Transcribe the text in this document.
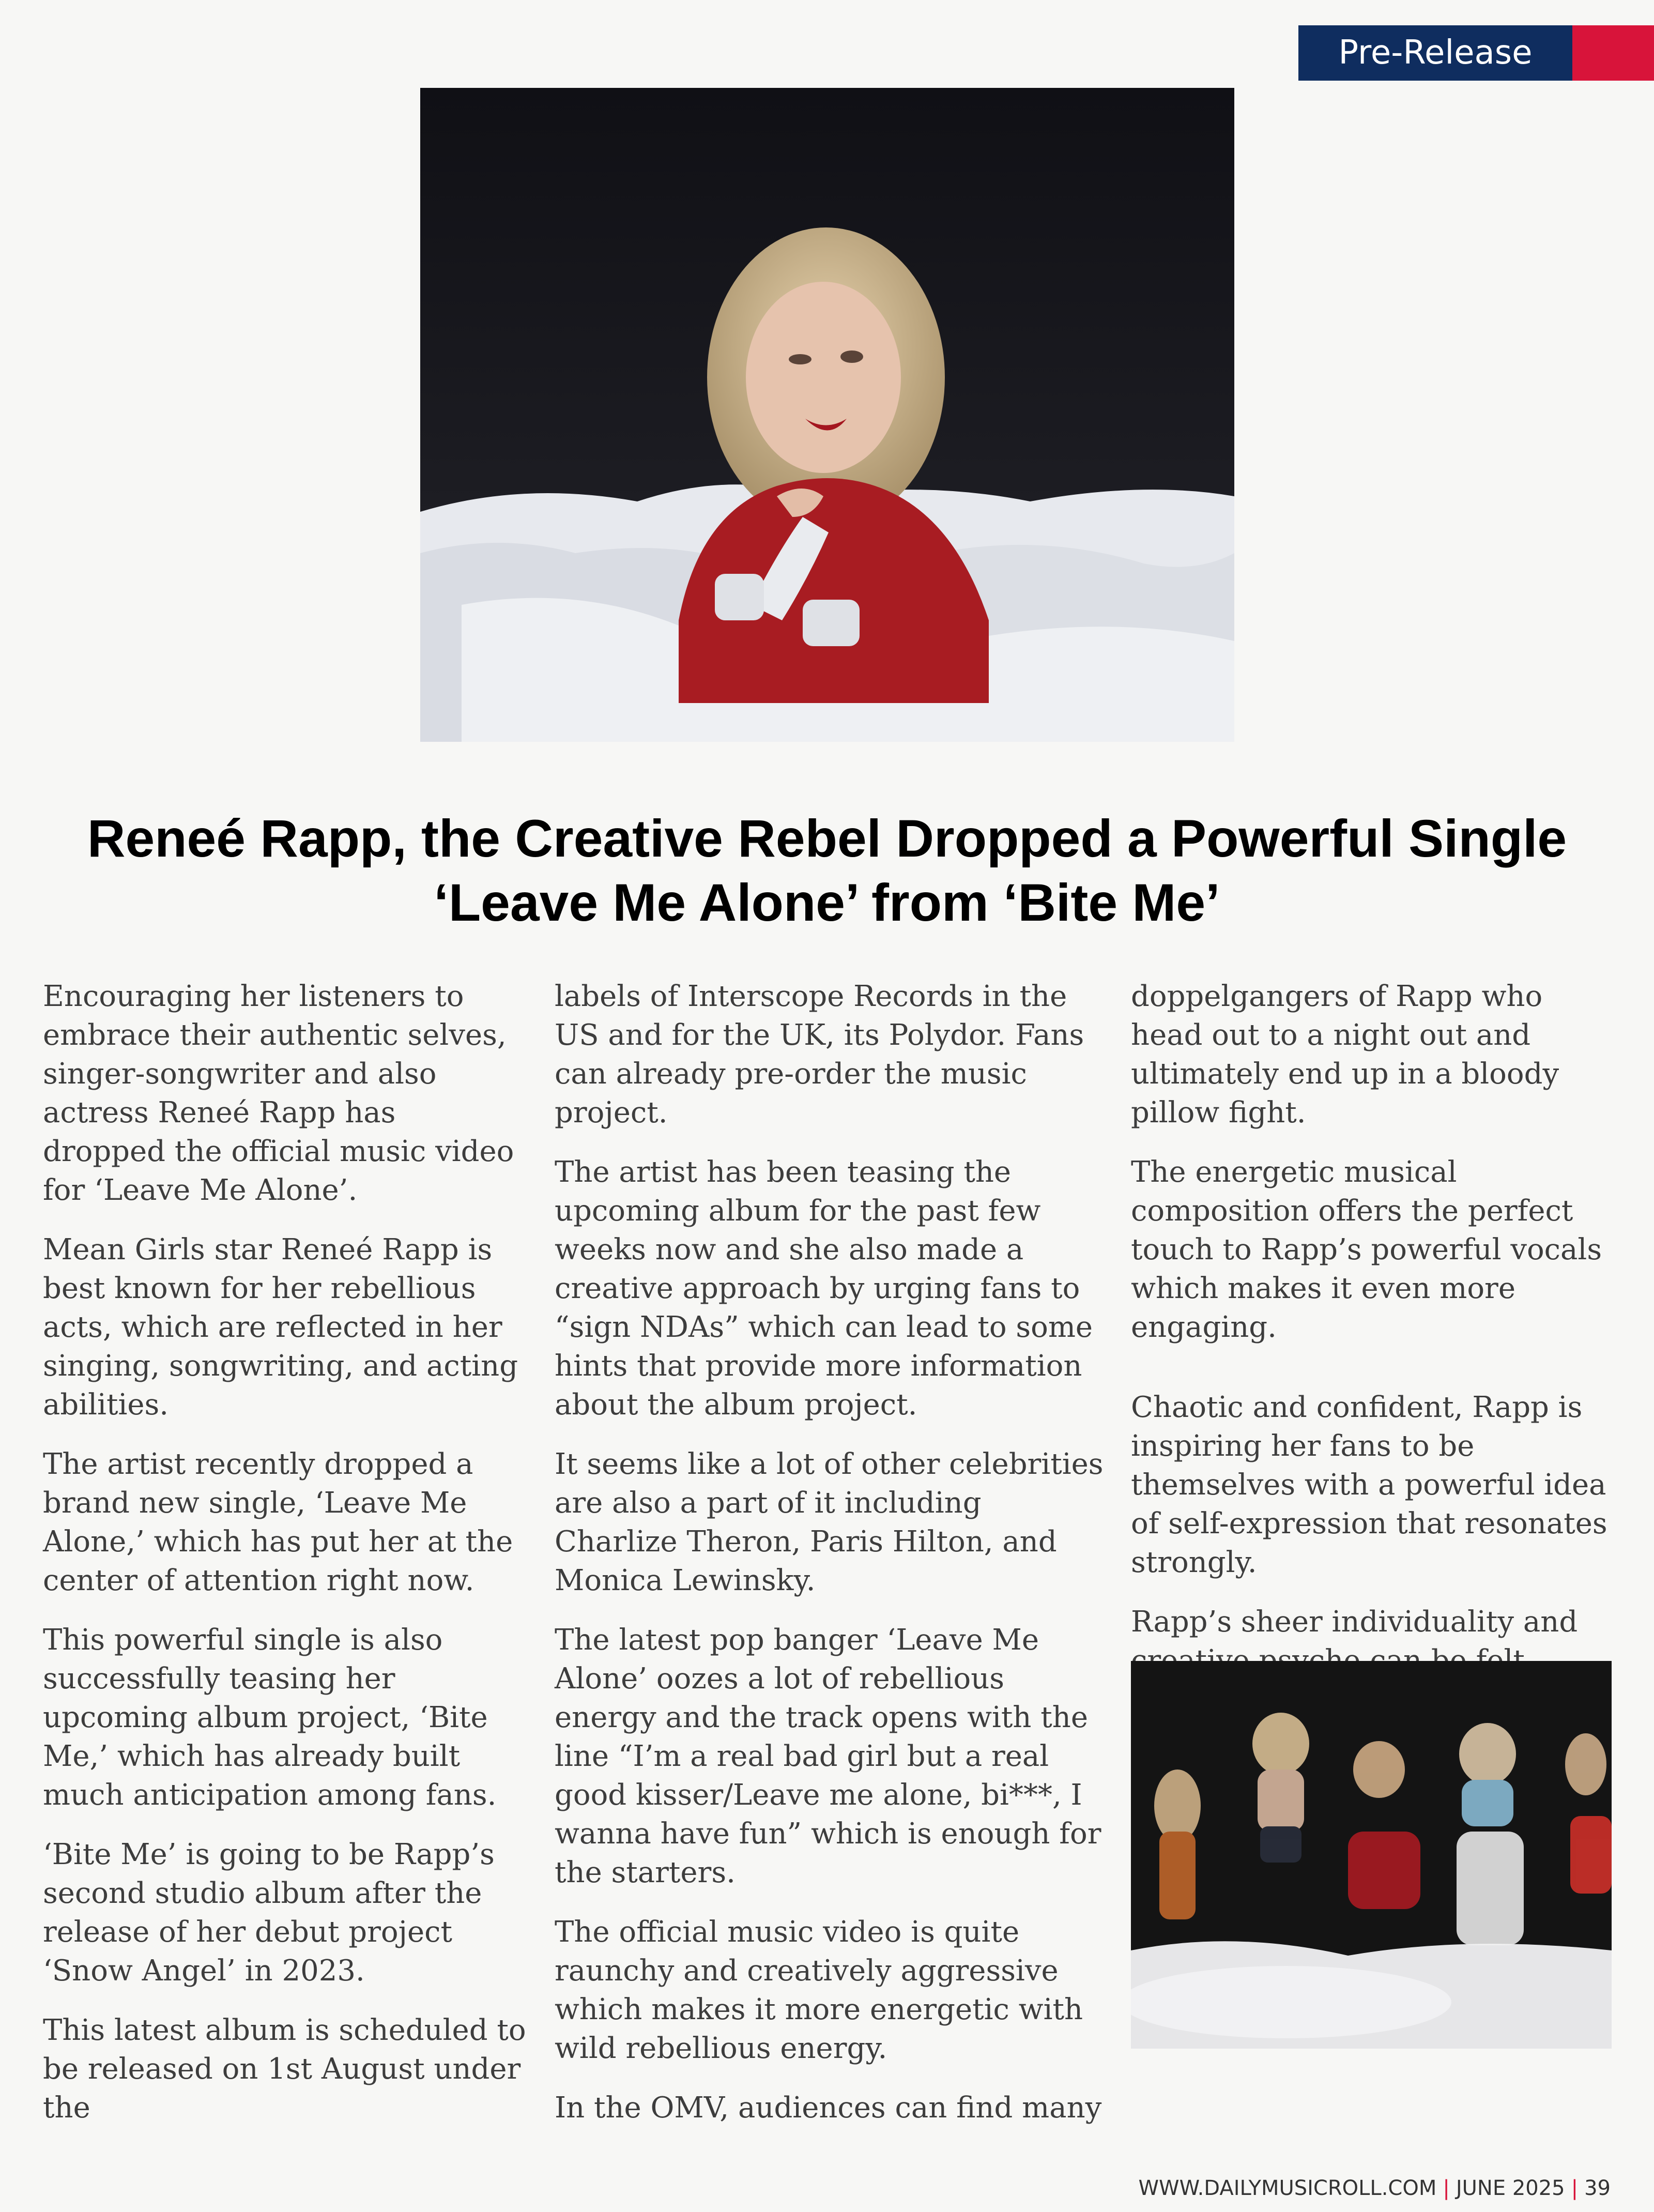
Pre-Release
Reneé Rapp, the Creative Rebel Dropped a Powerful Single
‘Leave Me Alone’ from ‘Bite Me’

Encouraging her listeners to embrace their authentic selves, singer-songwriter and also actress Reneé Rapp has dropped the official music video for ‘Leave Me Alone’.

Mean Girls star Reneé Rapp is best known for her rebellious acts, which are reflected in her singing, songwriting, and acting abilities.

The artist recently dropped a brand new single, ‘Leave Me Alone,’ which has put her at the center of attention right now.

This powerful single is also successfully teasing her upcoming album project, ‘Bite Me,’ which has already built much anticipation among fans.

‘Bite Me’ is going to be Rapp’s second studio album after the release of her debut project ‘Snow Angel’ in 2023.

This latest album is scheduled to be released on 1st August under the

labels of Interscope Records in the US and for the UK, its Polydor. Fans can already pre-order the music project.

The artist has been teasing the upcoming album for the past few weeks now and she also made a creative approach by urging fans to “sign NDAs” which can lead to some hints that provide more information about the album project.

It seems like a lot of other celebrities are also a part of it including Charlize Theron, Paris Hilton, and Monica Lewinsky.

The latest pop banger ‘Leave Me Alone’ oozes a lot of rebellious energy and the track opens with the line “I’m a real bad girl but a real good kisser/Leave me alone, bi***, I wanna have fun” which is enough for the starters.

The official music video is quite raunchy and creatively aggressive which makes it more energetic with wild rebellious energy.

In the OMV, audiences can find many

doppelgangers of Rapp who head out to a night out and ultimately end up in a bloody pillow fight.

The energetic musical composition offers the perfect touch to Rapp’s powerful vocals which makes it even more engaging.

Chaotic and confident, Rapp is inspiring her fans to be themselves with a powerful idea of self-expression that resonates strongly.

Rapp’s sheer individuality and

WWW.DAILYMUSICROLL.COM | JUNE 2025 | 39
